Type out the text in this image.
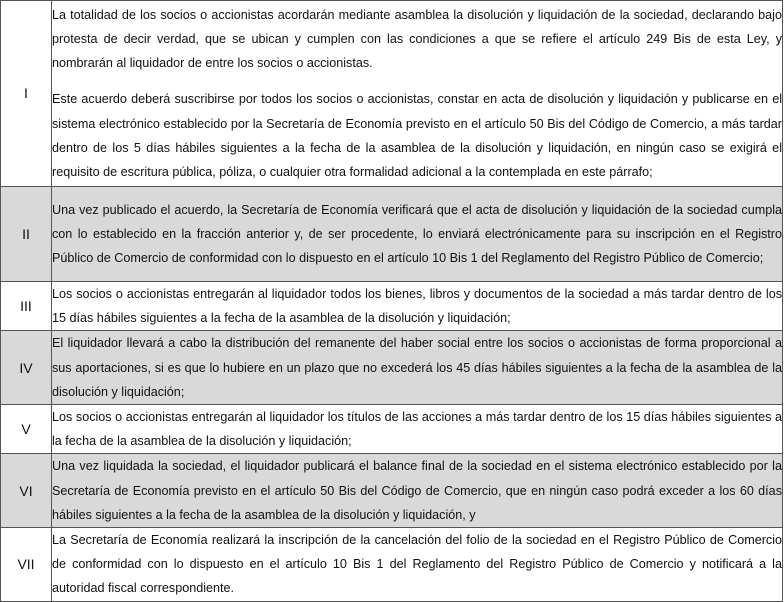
I	La totalidad de los socios o accionistas acordarán mediante asamblea la disolución y liquidación de la sociedad, declarando bajo protesta de decir verdad, que se ubican y cumplen con las condiciones a que se refiere el artículo 249 Bis de esta Ley, y nombrarán al liquidador de entre los socios o accionistas.
Este acuerdo deberá suscribirse por todos los socios o accionistas, constar en acta de disolución y liquidación y publicarse en el sistema electrónico establecido por la Secretaría de Economía previsto en el artículo 50 Bis del Código de Comercio, a más tardar dentro de los 5 días hábiles siguientes a la fecha de la asamblea de la disolución y liquidación, en ningún caso se exigirá el requisito de escritura pública, póliza, o cualquier otra formalidad adicional a la contemplada en este párrafo;

II	Una vez publicado el acuerdo, la Secretaría de Economía verificará que el acta de disolución y liquidación de la sociedad cumpla con lo establecido en la fracción anterior y, de ser procedente, lo enviará electrónicamente para su inscripción en el Registro Público de Comercio de conformidad con lo dispuesto en el artículo 10 Bis 1 del Reglamento del Registro Público de Comercio;
III	Los socios o accionistas entregarán al liquidador todos los bienes, libros y documentos de la sociedad a más tardar dentro de los 15 días hábiles siguientes a la fecha de la asamblea de la disolución y liquidación;
IV	El liquidador llevará a cabo la distribución del remanente del haber social entre los socios o accionistas de forma proporcional a sus aportaciones, si es que lo hubiere en un plazo que no excederá los 45 días hábiles siguientes a la fecha de la asamblea de la disolución y liquidación;
V	Los socios o accionistas entregarán al liquidador los títulos de las acciones a más tardar dentro de los 15 días hábiles siguientes a la fecha de la asamblea de la disolución y liquidación;
VI	Una vez liquidada la sociedad, el liquidador publicará el balance final de la sociedad en el sistema electrónico establecido por la Secretaría de Economía previsto en el artículo 50 Bis del Código de Comercio, que en ningún caso podrá exceder a los 60 días hábiles siguientes a la fecha de la asamblea de la disolución y liquidación, y
VII	La Secretaría de Economía realizará la inscripción de la cancelación del folio de la sociedad en el Registro Público de Comercio de conformidad con lo dispuesto en el artículo 10 Bis 1 del Reglamento del Registro Público de Comercio y notificará a la autoridad fiscal correspondiente.
